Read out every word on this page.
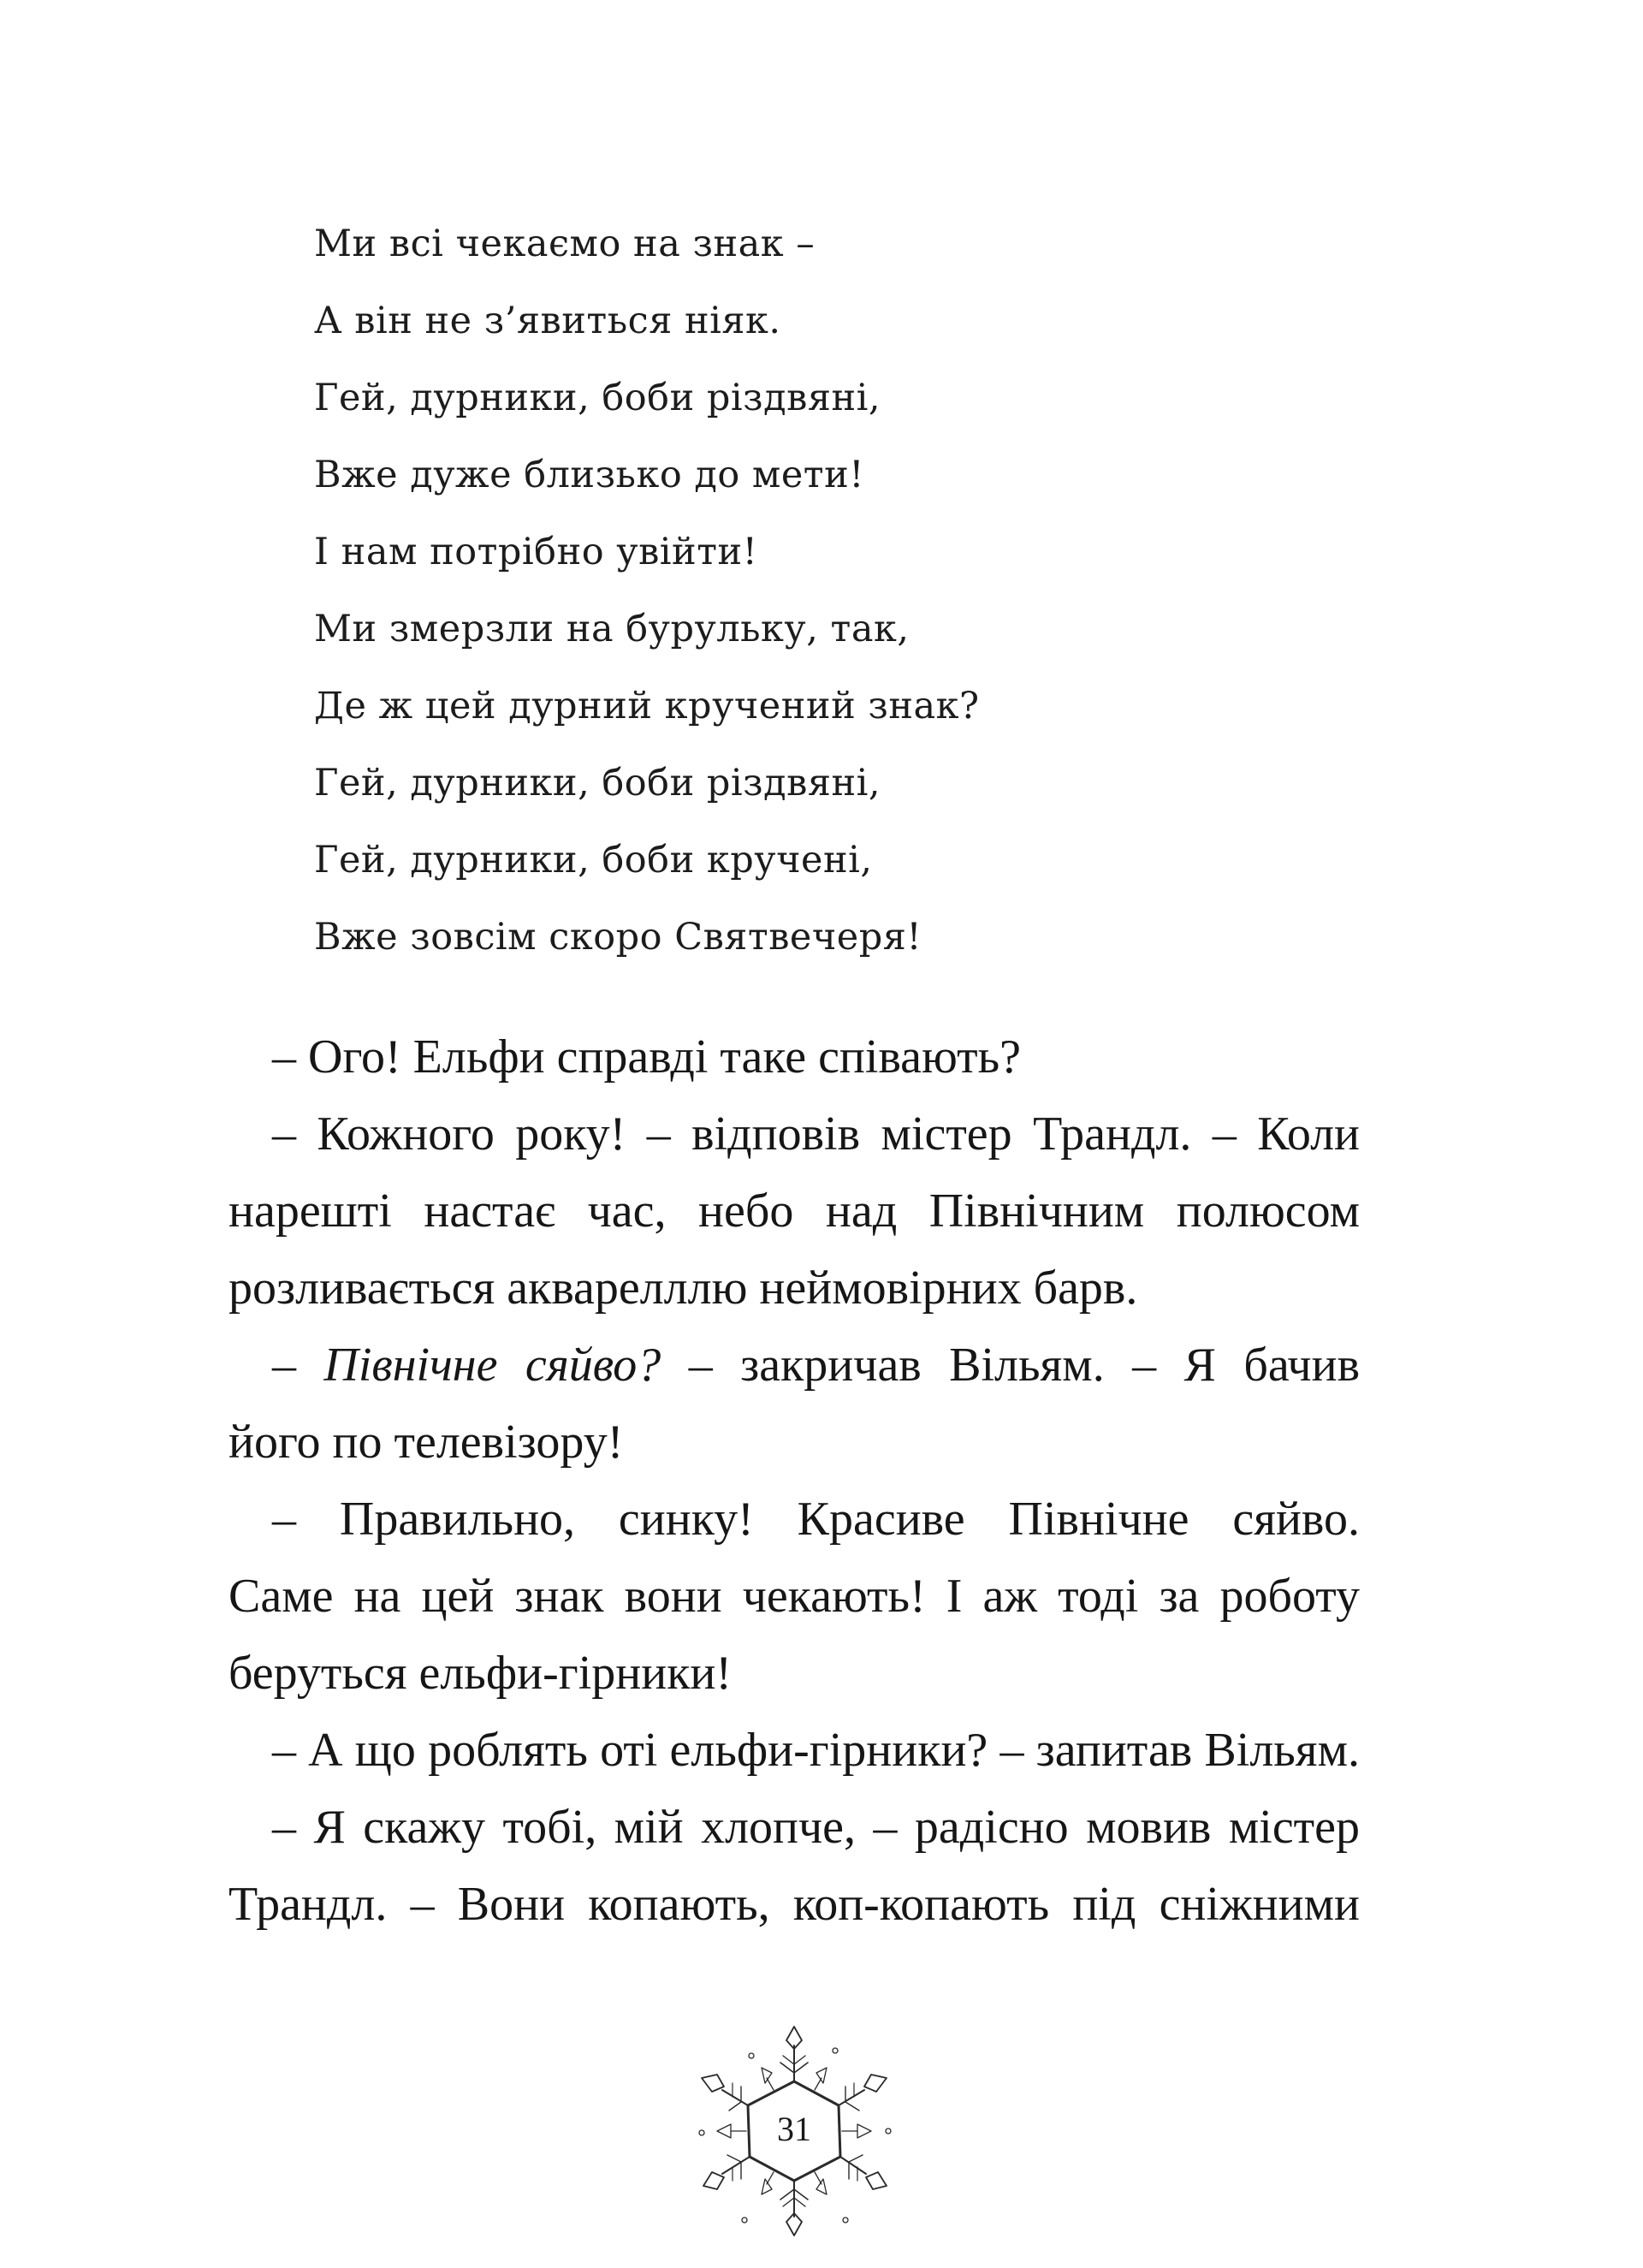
Ми всі чекаємо на знак –
А він не з’явиться ніяк.
Гей, дурники, боби різдвяні,
Вже дуже близько до мети!
І нам потрібно увійти!
Ми змерзли на бурульку, так,
Де ж цей дурний кручений знак?
Гей, дурники, боби різдвяні,
Гей, дурники, боби кручені,
Вже зовсім скоро Святвечеря!
– Ого! Ельфи справді таке співають?
– Кожного року! – відповів містер Трандл. – Коли
нарешті настає час, небо над Північним полюсом
розливається акварелллю неймовірних барв.
– Північне сяйво? – закричав Вільям. – Я бачив
його по телевізору!
– Правильно, синку! Красиве Північне сяйво.
Саме на цей знак вони чекають! І аж тоді за роботу
беруться ельфи-гірники!
– А що роблять оті ельфи-гірники? – запитав Вільям.
– Я скажу тобі, мій хлопче, – радісно мовив містер
Трандл. – Вони копають, коп-копають під сніжними
31
